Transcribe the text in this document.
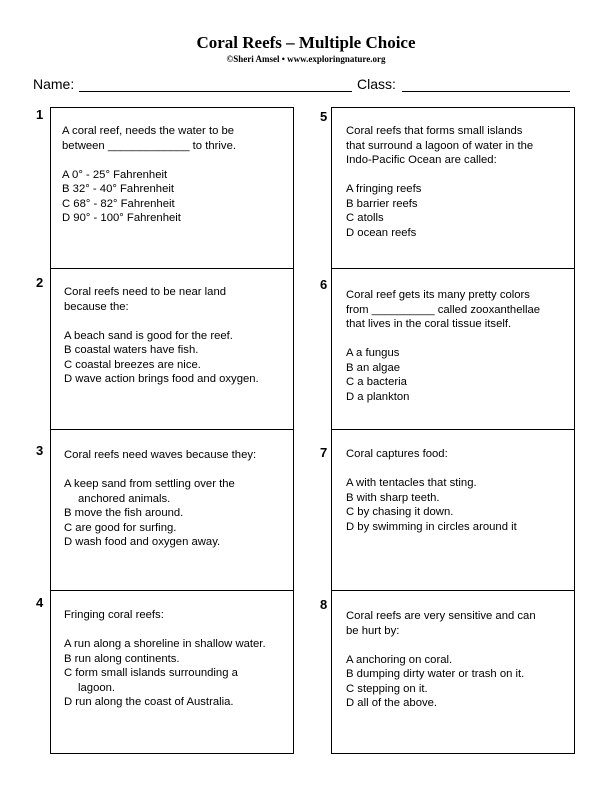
Coral Reefs – Multiple Choice
©Sheri Amsel • www.exploringnature.org
Name:	Class:
1
A coral reef, needs the water to be
between _____________ to thrive.
A 0° - 25° Fahrenheit
B 32° - 40° Fahrenheit
C 68° - 82° Fahrenheit
D 90° - 100° Fahrenheit
2
Coral reefs need to be near land
because the:
A beach sand is good for the reef.
B coastal waters have fish.
C coastal breezes are nice.
D wave action brings food and oxygen.
3 Coral reefs need waves because they:
A keep sand from settling over the
anchored animals.
B move the fish around.
C are good for surfing.
D wash food and oxygen away.
4
Fringing coral reefs:
A run along a shoreline in shallow water.
B run along continents.
C form small islands surrounding a
lagoon.
D run along the coast of Australia.
5
Coral reefs that forms small islands
that surround a lagoon of water in the
Indo-Pacific Ocean are called:
A fringing reefs
B barrier reefs
C atolls
D ocean reefs
6
Coral reef gets its many pretty colors
from __________ called zooxanthellae
that lives in the coral tissue itself.
A a fungus
B an algae
C a bacteria
D a plankton
7 Coral captures food:
A with tentacles that sting.
B with sharp teeth.
C by chasing it down.
D by swimming in circles around it
8
Coral reefs are very sensitive and can
be hurt by:
A anchoring on coral.
B dumping dirty water or trash on it.
C stepping on it.
D all of the above.
